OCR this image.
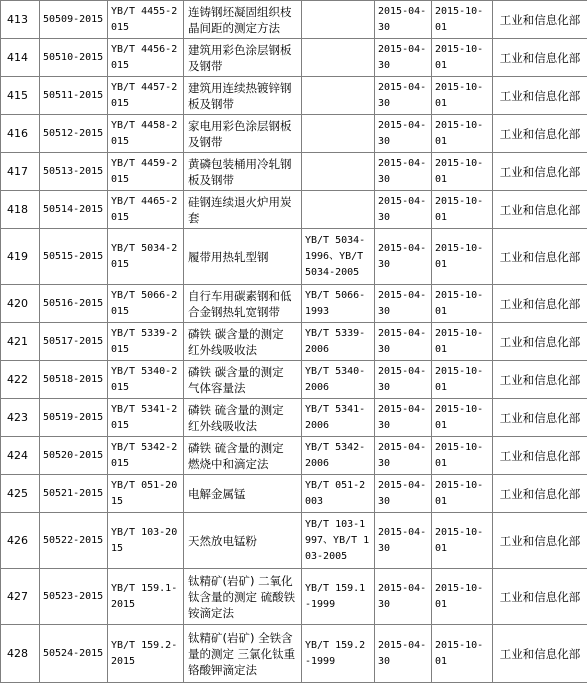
413	50509-2015	YB/T 4455-2015	连铸钢坯凝固组织枝晶间距的测定方法		2015-04-30	2015-10-01	工业和信息化部
414	50510-2015	YB/T 4456-2015	建筑用彩色涂层钢板及钢带		2015-04-30	2015-10-01	工业和信息化部
415	50511-2015	YB/T 4457-2015	建筑用连续热镀锌钢板及钢带		2015-04-30	2015-10-01	工业和信息化部
416	50512-2015	YB/T 4458-2015	家电用彩色涂层钢板及钢带		2015-04-30	2015-10-01	工业和信息化部
417	50513-2015	YB/T 4459-2015	黄磷包装桶用冷轧钢板及钢带		2015-04-30	2015-10-01	工业和信息化部
418	50514-2015	YB/T 4465-2015	硅钢连续退火炉用炭套		2015-04-30	2015-10-01	工业和信息化部
419	50515-2015	YB/T 5034-2015	履带用热轧型钢	YB/T 5034-1996、YB/T 5034-2005	2015-04-30	2015-10-01	工业和信息化部
420	50516-2015	YB/T 5066-2015	自行车用碳素钢和低合金钢热轧宽钢带	YB/T 5066-1993	2015-04-30	2015-10-01	工业和信息化部
421	50517-2015	YB/T 5339-2015	磷铁 碳含量的测定 红外线吸收法	YB/T 5339-2006	2015-04-30	2015-10-01	工业和信息化部
422	50518-2015	YB/T 5340-2015	磷铁 碳含量的测定 气体容量法	YB/T 5340-2006	2015-04-30	2015-10-01	工业和信息化部
423	50519-2015	YB/T 5341-2015	磷铁 硫含量的测定 红外线吸收法	YB/T 5341-2006	2015-04-30	2015-10-01	工业和信息化部
424	50520-2015	YB/T 5342-2015	磷铁 硫含量的测定 燃烧中和滴定法	YB/T 5342-2006	2015-04-30	2015-10-01	工业和信息化部
425	50521-2015	YB/T 051-2015	电解金属锰	YB/T 051-2003	2015-04-30	2015-10-01	工业和信息化部
426	50522-2015	YB/T 103-2015	天然放电锰粉	YB/T 103-1997、YB/T 103-2005	2015-04-30	2015-10-01	工业和信息化部
427	50523-2015	YB/T 159.1-2015	钛精矿(岩矿) 二氧化钛含量的测定 硫酸铁铵滴定法	YB/T 159.1-1999	2015-04-30	2015-10-01	工业和信息化部
428	50524-2015	YB/T 159.2-2015	钛精矿(岩矿) 全铁含量的测定 三氯化钛重铬酸钾滴定法	YB/T 159.2-1999	2015-04-30	2015-10-01	工业和信息化部
